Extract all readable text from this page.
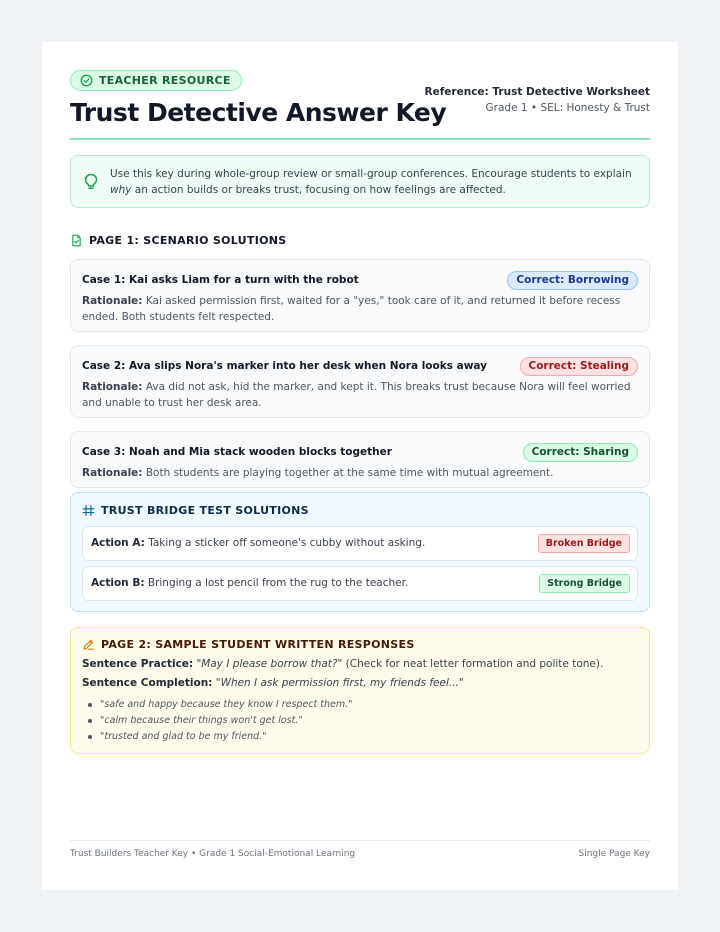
TEACHER RESOURCE
Trust Detective Answer Key
Reference: Trust Detective Worksheet
Grade 1 • SEL: Honesty & Trust
Use this key during whole-group review or small-group conferences. Encourage students to explain why an action builds or breaks trust, focusing on how feelings are affected.
PAGE 1: SCENARIO SOLUTIONS
Case 1: Kai asks Liam for a turn with the robot	Correct: Borrowing
Rationale: Kai asked permission first, waited for a "yes," took care of it, and returned it before recess ended. Both students felt respected.
Case 2: Ava slips Nora's marker into her desk when Nora looks away	Correct: Stealing
Rationale: Ava did not ask, hid the marker, and kept it. This breaks trust because Nora will feel worried and unable to trust her desk area.
Case 3: Noah and Mia stack wooden blocks together	Correct: Sharing
Rationale: Both students are playing together at the same time with mutual agreement.
TRUST BRIDGE TEST SOLUTIONS
Action A: Taking a sticker off someone's cubby without asking.	Broken Bridge
Action B: Bringing a lost pencil from the rug to the teacher.	Strong Bridge
PAGE 2: SAMPLE STUDENT WRITTEN RESPONSES
Sentence Practice: "May I please borrow that?" (Check for neat letter formation and polite tone).
Sentence Completion: "When I ask permission first, my friends feel..."
"safe and happy because they know I respect them."
"calm because their things won't get lost."
"trusted and glad to be my friend."
Trust Builders Teacher Key • Grade 1 Social-Emotional Learning	Single Page Key
